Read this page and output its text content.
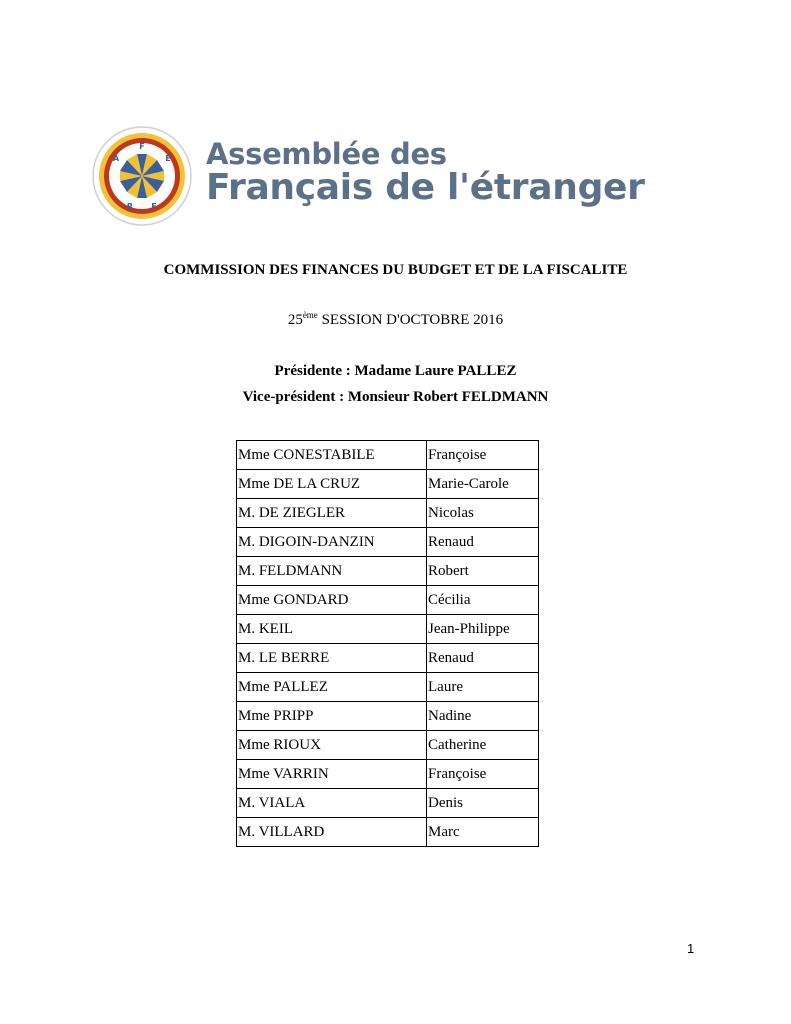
A
F
E
R F
Assemblée des
Français de l'étranger
COMMISSION DES FINANCES DU BUDGET ET DE LA FISCALITE
25ème SESSION D'OCTOBRE 2016
Présidente : Madame Laure PALLEZ
Vice-président : Monsieur Robert FELDMANN
Mme CONESTABILE	Françoise
Mme DE LA CRUZ	Marie-Carole
M. DE ZIEGLER	Nicolas
M. DIGOIN-DANZIN	Renaud
M. FELDMANN	Robert
Mme GONDARD	Cécilia
M. KEIL	Jean-Philippe
M. LE BERRE	Renaud
Mme PALLEZ	Laure
Mme PRIPP	Nadine
Mme RIOUX	Catherine
Mme VARRIN	Françoise
M. VIALA	Denis
M. VILLARD	Marc
1
